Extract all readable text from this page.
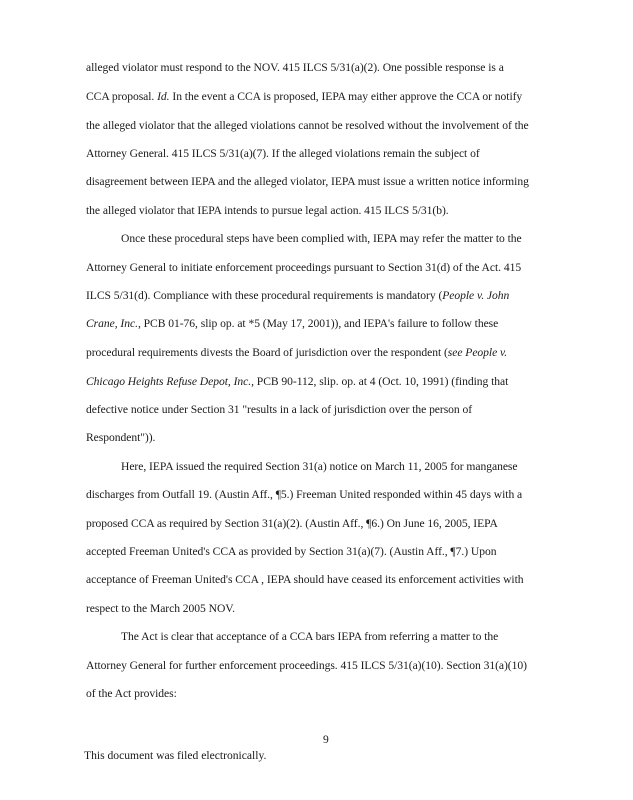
alleged violator must respond to the NOV. 415 ILCS 5/31(a)(2). One possible response is a
CCA proposal. Id. In the event a CCA is proposed, IEPA may either approve the CCA or notify
the alleged violator that the alleged violations cannot be resolved without the involvement of the
Attorney General. 415 ILCS 5/31(a)(7). If the alleged violations remain the subject of
disagreement between IEPA and the alleged violator, IEPA must issue a written notice informing
the alleged violator that IEPA intends to pursue legal action. 415 ILCS 5/31(b).
Once these procedural steps have been complied with, IEPA may refer the matter to the
Attorney General to initiate enforcement proceedings pursuant to Section 31(d) of the Act. 415
ILCS 5/31(d). Compliance with these procedural requirements is mandatory (People v. John
Crane, Inc., PCB 01-76, slip op. at *5 (May 17, 2001)), and IEPA's failure to follow these
procedural requirements divests the Board of jurisdiction over the respondent (see People v.
Chicago Heights Refuse Depot, Inc., PCB 90-112, slip. op. at 4 (Oct. 10, 1991) (finding that
defective notice under Section 31 "results in a lack of jurisdiction over the person of
Respondent")).
Here, IEPA issued the required Section 31(a) notice on March 11, 2005 for manganese
discharges from Outfall 19. (Austin Aff., ¶5.) Freeman United responded within 45 days with a
proposed CCA as required by Section 31(a)(2). (Austin Aff., ¶6.) On June 16, 2005, IEPA
accepted Freeman United's CCA as provided by Section 31(a)(7). (Austin Aff., ¶7.) Upon
acceptance of Freeman United's CCA , IEPA should have ceased its enforcement activities with
respect to the March 2005 NOV.
The Act is clear that acceptance of a CCA bars IEPA from referring a matter to the
Attorney General for further enforcement proceedings. 415 ILCS 5/31(a)(10). Section 31(a)(10)
of the Act provides:
9
This document was filed electronically.
